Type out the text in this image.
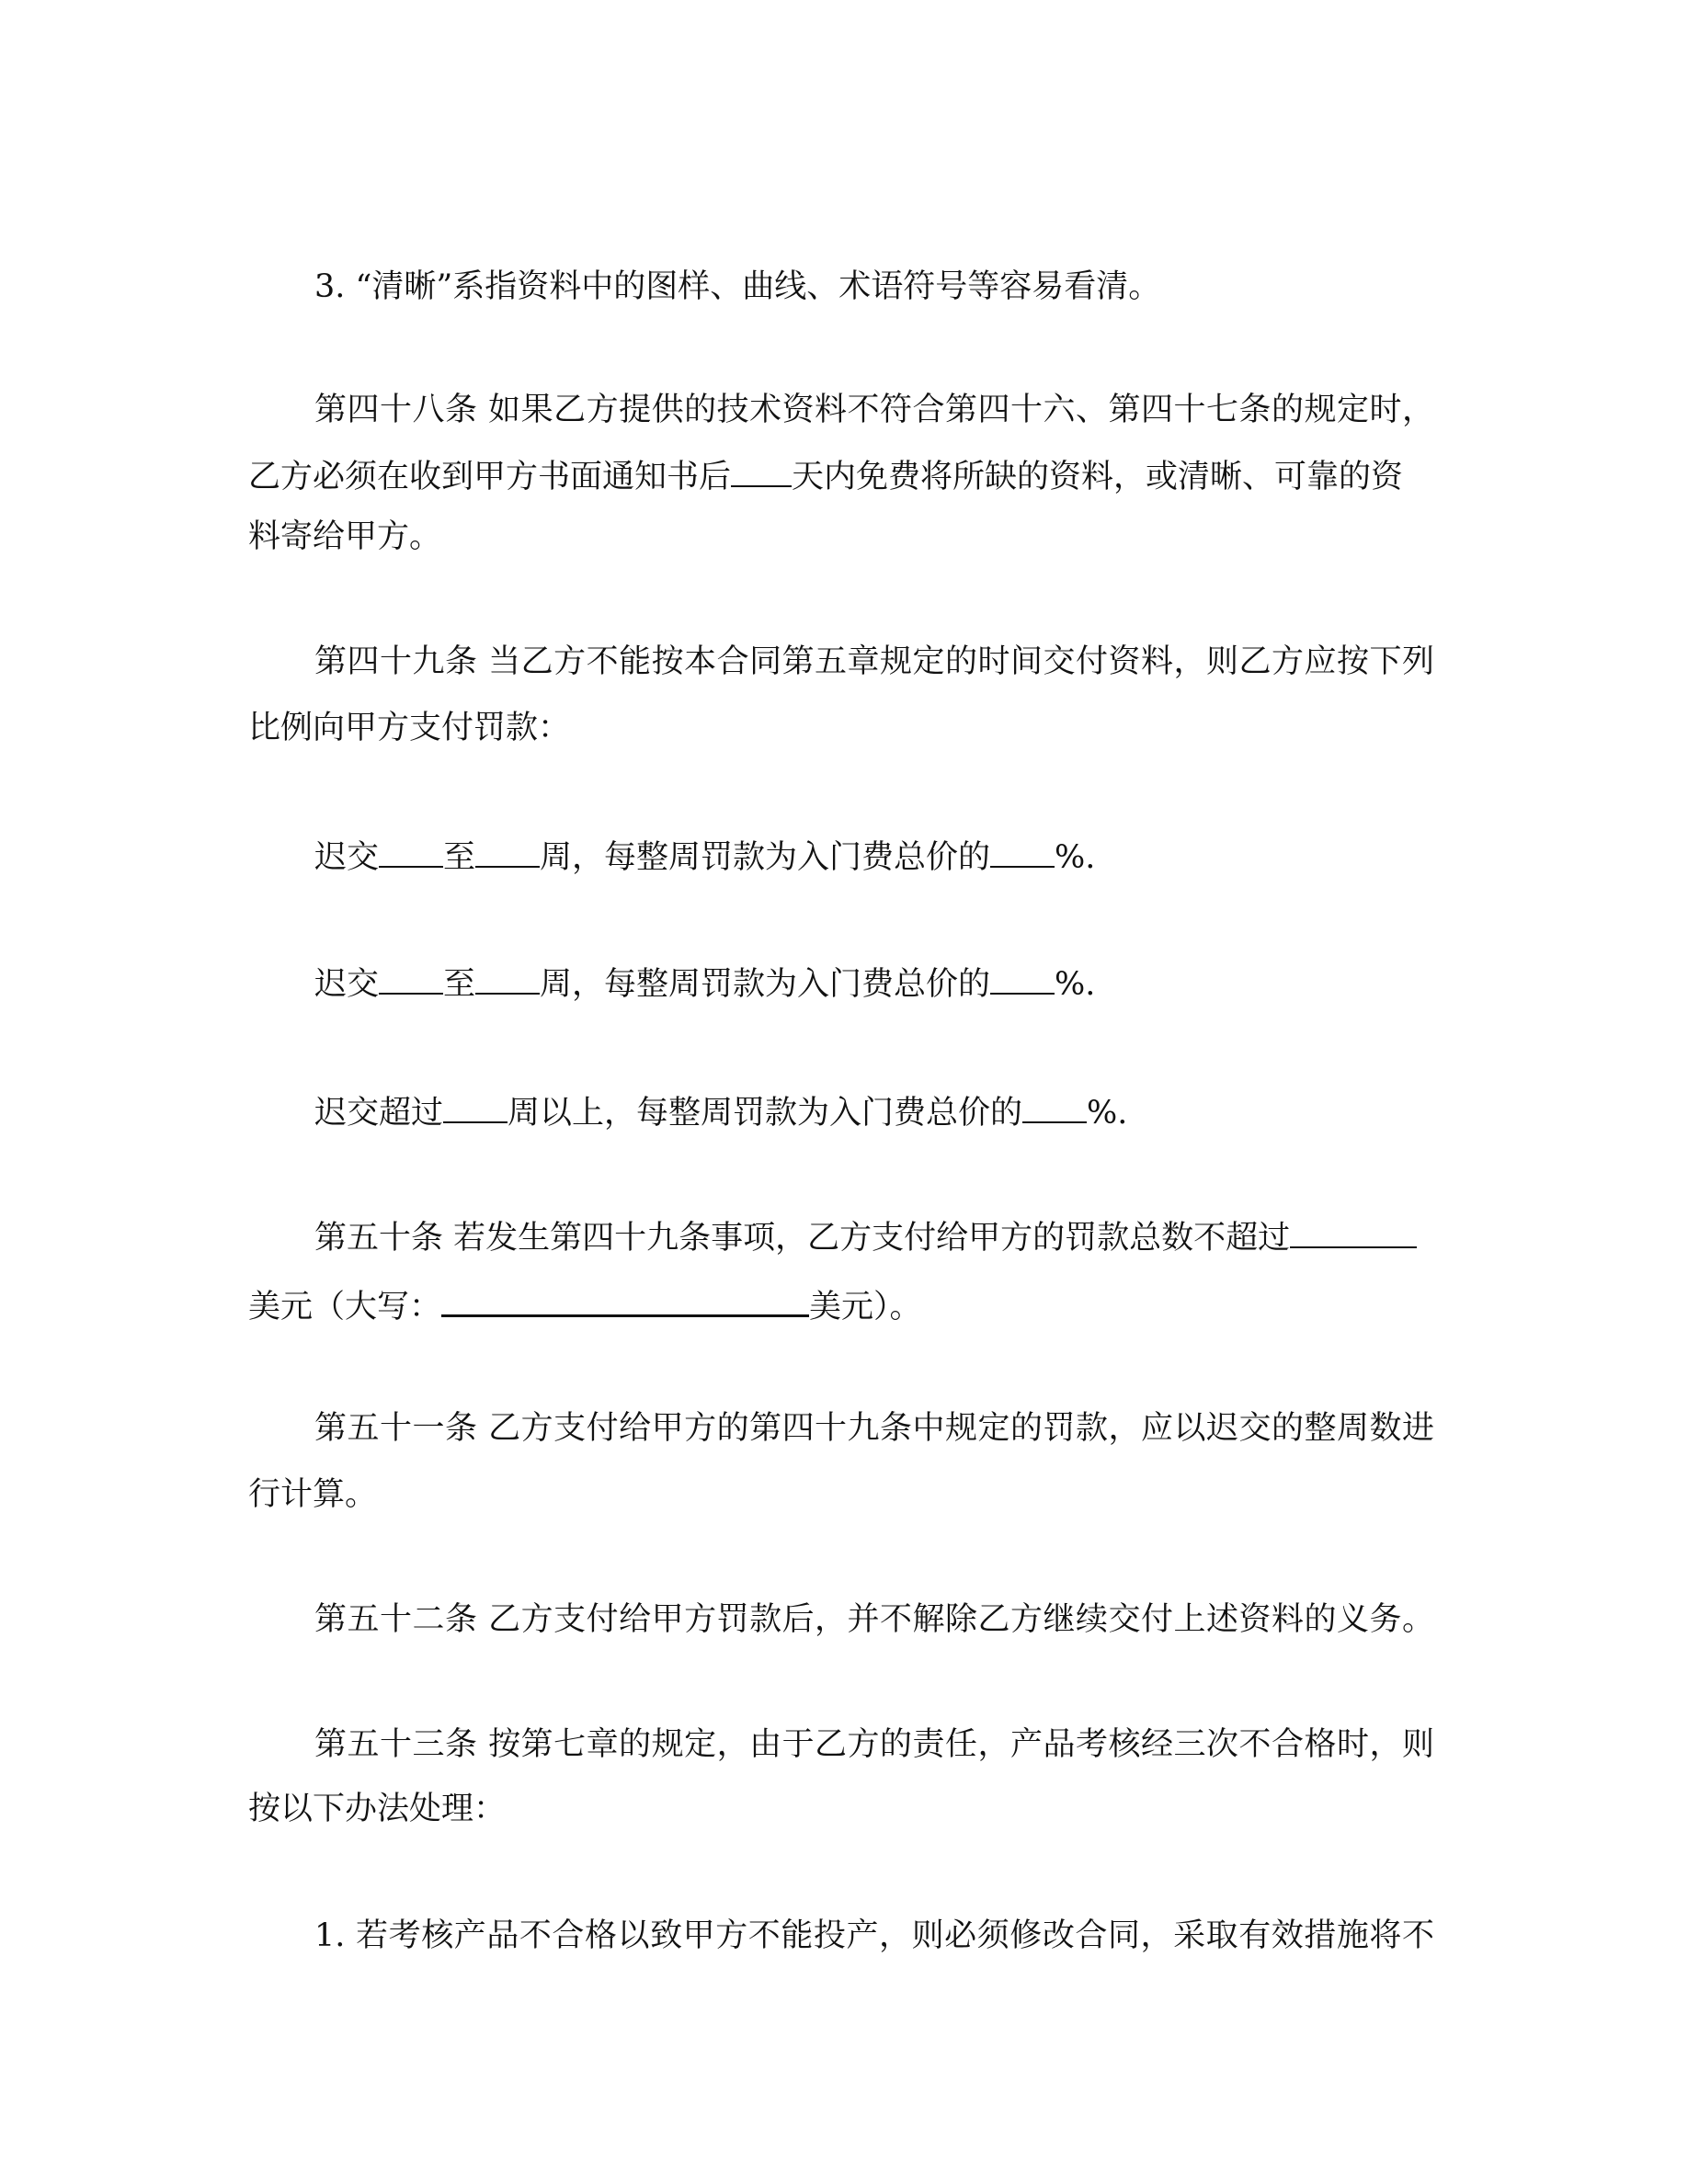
3. “清晰”系指资料中的图样、曲线、术语符号等容易看清。
第四十八条 如果乙方提供的技术资料不符合第四十六、第四十七条的规定时，
乙方必须在收到甲方书面通知书后 天内免费将所缺的资料，或清晰、可靠的资
料寄给甲方。
第四十九条 当乙方不能按本合同第五章规定的时间交付资料，则乙方应按下列
比例向甲方支付罚款：
迟交 至 周，每整周罚款为入门费总价的 %.
迟交 至 周，每整周罚款为入门费总价的 %.
迟交超过 周以上，每整周罚款为入门费总价的 %.
第五十条 若发生第四十九条事项，乙方支付给甲方的罚款总数不超过
美元（大写：	美元）。
第五十一条 乙方支付给甲方的第四十九条中规定的罚款，应以迟交的整周数进
行计算。
第五十二条 乙方支付给甲方罚款后，并不解除乙方继续交付上述资料的义务。
第五十三条 按第七章的规定，由于乙方的责任，产品考核经三次不合格时，则
按以下办法处理：
1. 若考核产品不合格以致甲方不能投产，则必须修改合同，采取有效措施将不
